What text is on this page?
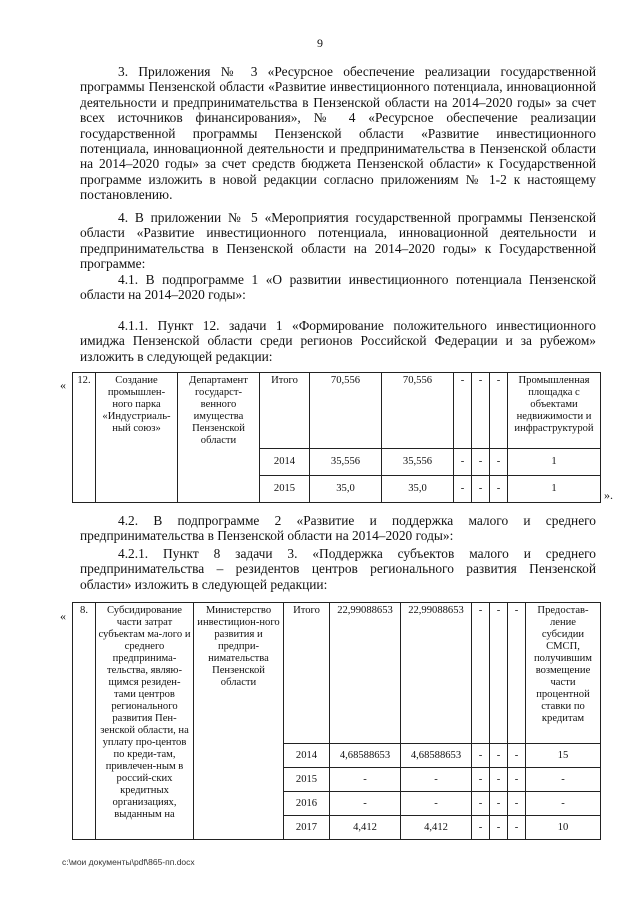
9

3. Приложения № 3 «Ресурсное обеспечение реализации государственной программы Пензенской области «Развитие инвестиционного потенциала, инновационной деятельности и предпринимательства в Пензенской области на 2014–2020 годы» за счет всех источников финансирования», № 4 «Ресурсное обеспечение реализации государственной программы Пензенской области «Развитие инвестиционного потенциала, инновационной деятельности и предпринимательства в Пензенской области на 2014–2020 годы» за счет средств бюджета Пензенской области» к Государственной программе изложить в новой редакции согласно приложениям № 1-2 к настоящему постановлению.

4. В приложении № 5 «Мероприятия государственной программы Пензенской области «Развитие инвестиционного потенциала, инновационной деятельности и предпринимательства в Пензенской области на 2014–2020 годы» к Государственной программе:

4.1. В подпрограмме 1 «О развитии инвестиционного потенциала Пензенской области на 2014–2020 годы»:

4.1.1. Пункт 12. задачи 1 «Формирование положительного инвестиционного имиджа Пензенской области среди регионов Российской Федерации и за рубежом» изложить в следующей редакции:

« 12.	Создание промышлен-ного парка «Индустриаль-ный союз»	Департамент государст-венного имущества Пензенской области	Итого	70,556	70,556	-	-	-	Промышленная площадка с объектами недвижимости и инфраструктурой
			2014	35,556	35,556	-	-	-	1
			2015	35,0	35,0	-	-	-	1	».

4.2. В подпрограмме 2 «Развитие и поддержка малого и среднего предпринимательства в Пензенской области на 2014–2020 годы»:

4.2.1. Пункт 8 задачи 3. «Поддержка субъектов малого и среднего предпринимательства – резидентов центров регионального развития Пензенской области» изложить в следующей редакции:

« 8.	Субсидирование части затрат субъектам ма-лого и среднего предпринима-тельства, являю-щимся резиден-тами центров регионального развития Пен-зенской области, на уплату про-центов по креди-там, привлечен-ным в россий-ских кредитных организациях, выданным на	Министерство инвестицион-ного развития и предпри-нимательства Пензенской области	Итого	22,99088653	22,99088653	-	-	-	Предостав-ление субсидии СМСП, получившим возмещение части процентной ставки по кредитам
			2014	4,68588653	4,68588653	-	-	-	15
			2015	-	-	-	-	-	-
			2016	-	-	-	-	-	-
			2017	4,412	4,412	-	-	-	10
c:\мои документы\pdf\865-пп.docx
